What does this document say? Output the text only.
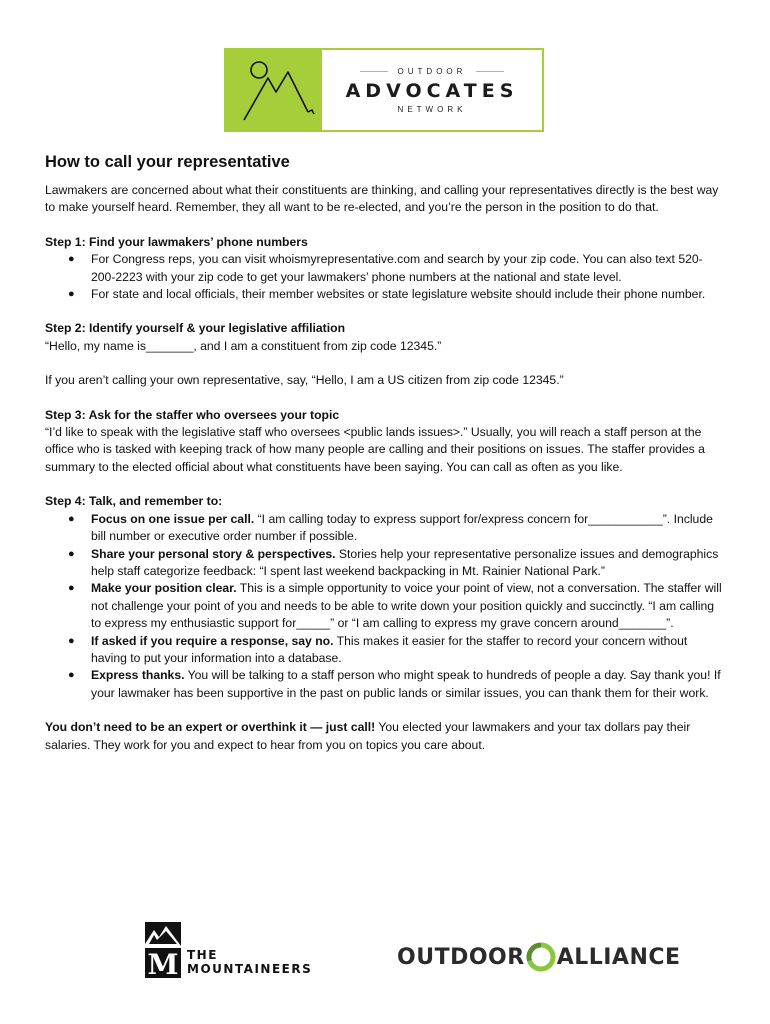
OUTDOOR
ADVOCATES
NETWORK
How to call your representative

Lawmakers are concerned about what their constituents are thinking, and calling your representatives directly is the best way to make yourself heard. Remember, they all want to be re-elected, and you’re the person in the position to do that.

Step 1: Find your lawmakers’ phone numbers

● For Congress reps, you can visit whoismyrepresentative.com and search by your zip code. You can also text 520-200-2223 with your zip code to get your lawmakers’ phone numbers at the national and state level.
● For state and local officials, their member websites or state legislature website should include their phone number.

Step 2: Identify yourself & your legislative affiliation

“Hello, my name is_______, and I am a constituent from zip code 12345.”

If you aren’t calling your own representative, say, “Hello, I am a US citizen from zip code 12345.”

Step 3: Ask for the staffer who oversees your topic

“I’d like to speak with the legislative staff who oversees <public lands issues>.” Usually, you will reach a staff person at the office who is tasked with keeping track of how many people are calling and their positions on issues. The staffer provides a summary to the elected official about what constituents have been saying. You can call as often as you like.

Step 4: Talk, and remember to:

● Focus on one issue per call. “I am calling today to express support for/express concern for___________”. Include bill number or executive order number if possible.
● Share your personal story & perspectives. Stories help your representative personalize issues and demographics help staff categorize feedback: “I spent last weekend backpacking in Mt. Rainier National Park.”
● Make your position clear. This is a simple opportunity to voice your point of view, not a conversation. The staffer will not challenge your point of you and needs to be able to write down your position quickly and succinctly. “I am calling to express my enthusiastic support for_____” or “I am calling to express my grave concern around_______”.
● If asked if you require a response, say no. This makes it easier for the staffer to record your concern without having to put your information into a database.
● Express thanks. You will be talking to a staff person who might speak to hundreds of people a day. Say thank you! If your lawmaker has been supportive in the past on public lands or similar issues, you can thank them for their work.

You don’t need to be an expert or overthink it — just call! You elected your lawmakers and your tax dollars pay their salaries. They work for you and expect to hear from you on topics you care about.

M THE
MOUNTAINEERS	OUTDOOR ALLIANCE
